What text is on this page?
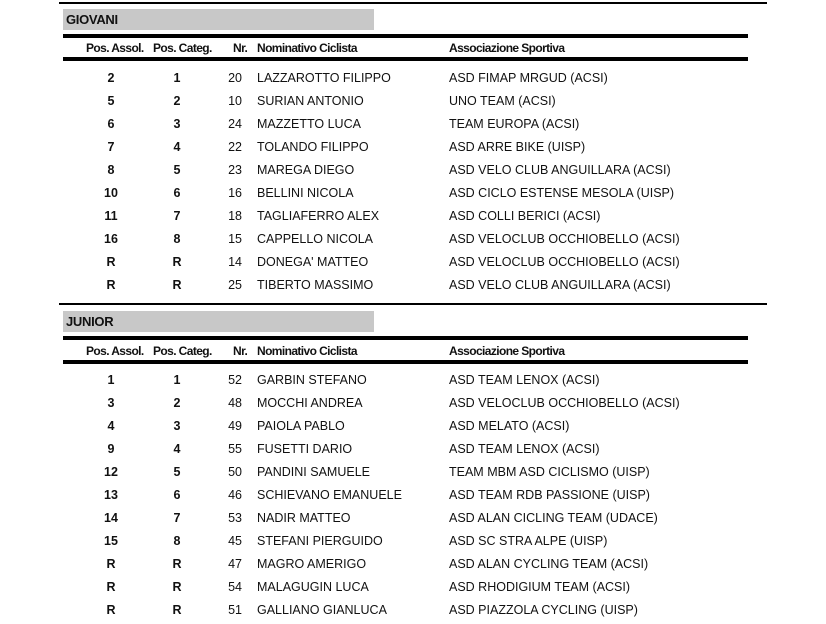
GIOVANI
Pos. Assol. Pos. Categ. Nr. Nominativo Ciclista	Associazione Sportiva
2	1	20 LAZZAROTTO FILIPPO	ASD FIMAP MRGUD (ACSI)
5	2	10 SURIAN ANTONIO	UNO TEAM (ACSI)
6	3	24 MAZZETTO LUCA	TEAM EUROPA (ACSI)
7	4	22 TOLANDO FILIPPO	ASD ARRE BIKE (UISP)
8	5	23 MAREGA DIEGO	ASD VELO CLUB ANGUILLARA (ACSI)
10	6	16 BELLINI NICOLA	ASD CICLO ESTENSE MESOLA (UISP)
11	7	18 TAGLIAFERRO ALEX	ASD COLLI BERICI (ACSI)
16	8	15 CAPPELLO NICOLA	ASD VELOCLUB OCCHIOBELLO (ACSI)
R	R	14 DONEGA' MATTEO	ASD VELOCLUB OCCHIOBELLO (ACSI)
R	R	25 TIBERTO MASSIMO	ASD VELO CLUB ANGUILLARA (ACSI)
JUNIOR
Pos. Assol. Pos. Categ. Nr. Nominativo Ciclista	Associazione Sportiva
1	1	52 GARBIN STEFANO	ASD TEAM LENOX (ACSI)
3	2	48 MOCCHI ANDREA	ASD VELOCLUB OCCHIOBELLO (ACSI)
4	3	49 PAIOLA PABLO	ASD MELATO (ACSI)
9	4	55 FUSETTI DARIO	ASD TEAM LENOX (ACSI)
12	5	50 PANDINI SAMUELE	TEAM MBM ASD CICLISMO (UISP)
13	6	46 SCHIEVANO EMANUELE	ASD TEAM RDB PASSIONE (UISP)
14	7	53 NADIR MATTEO	ASD ALAN CICLING TEAM (UDACE)
15	8	45 STEFANI PIERGUIDO	ASD SC STRA ALPE (UISP)
R	R	47 MAGRO AMERIGO	ASD ALAN CYCLING TEAM (ACSI)
R	R	54 MALAGUGIN LUCA	ASD RHODIGIUM TEAM (ACSI)
R	R	51 GALLIANO GIANLUCA	ASD PIAZZOLA CYCLING (UISP)
